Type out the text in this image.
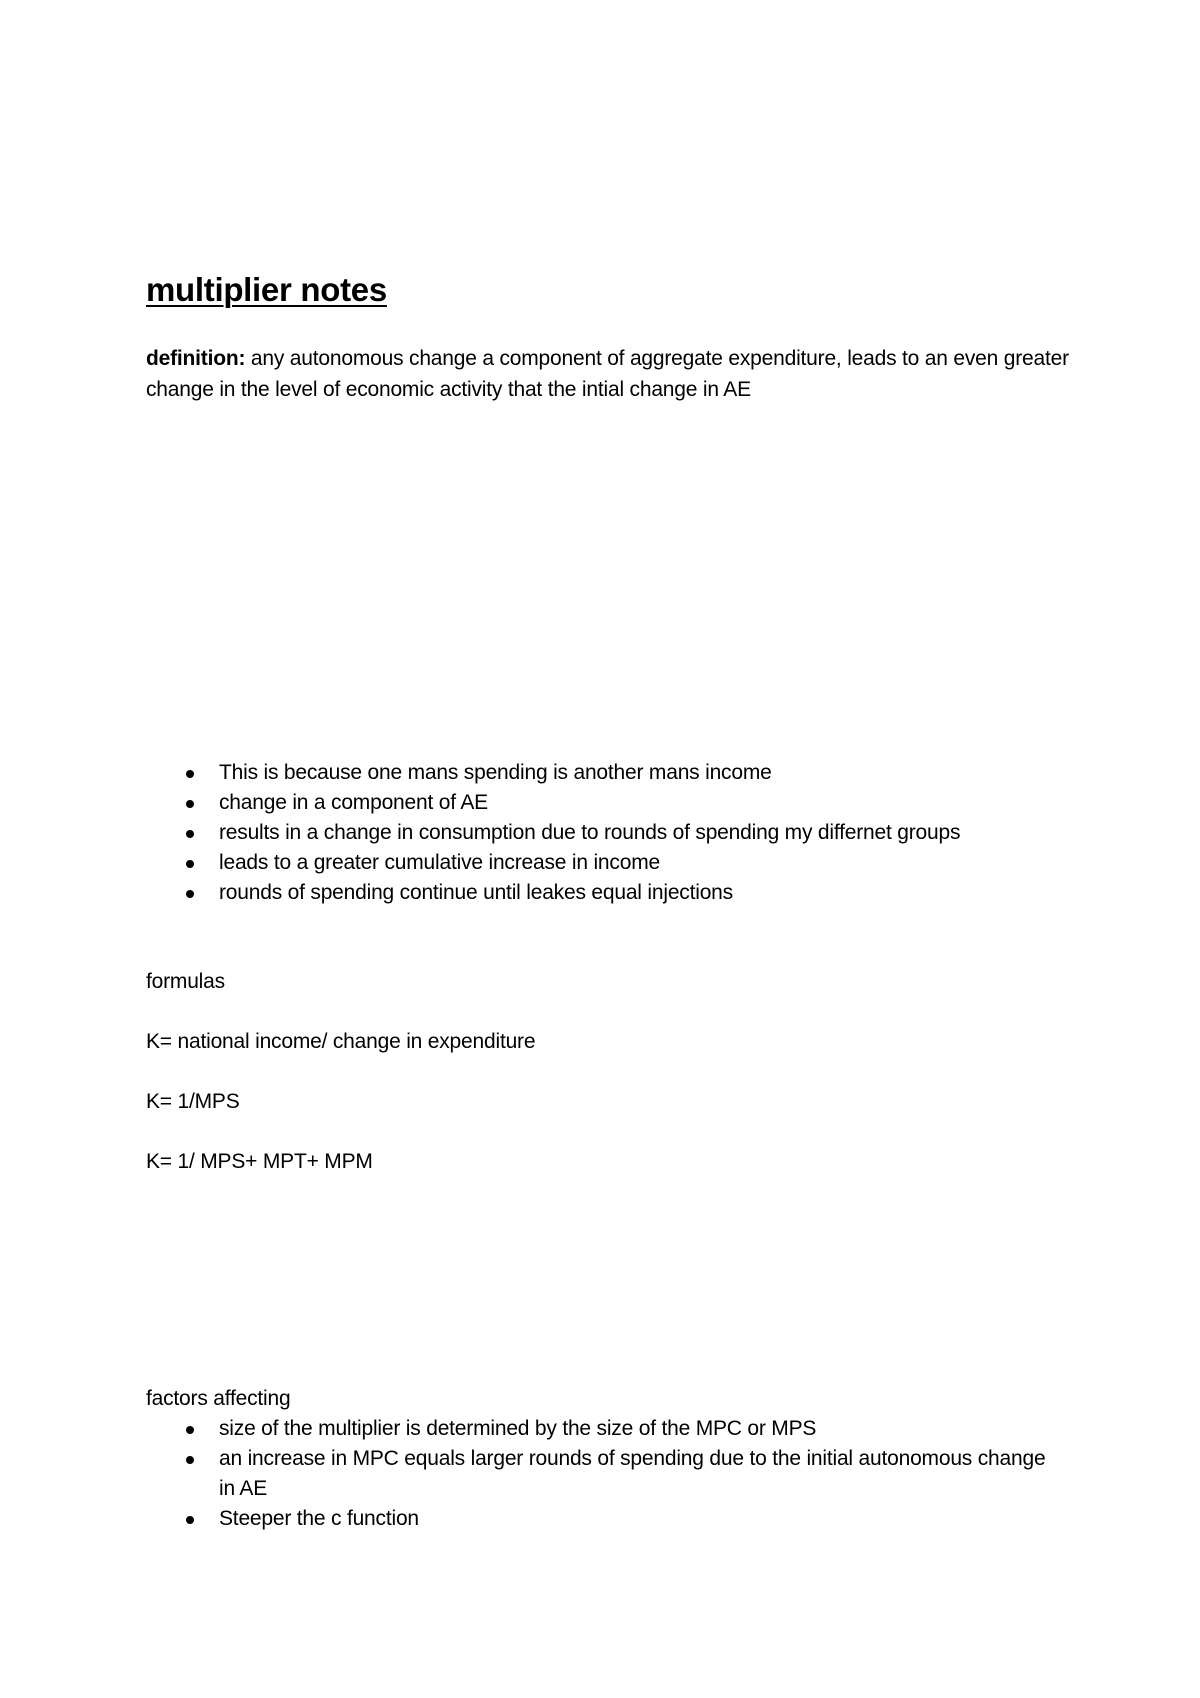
multiplier notes

definition: any autonomous change a component of aggregate expenditure, leads to an even greater change in the level of economic activity that the intial change in AE

This is because one mans spending is another mans income
change in a component of AE
results in a change in consumption due to rounds of spending my differnet groups
leads to a greater cumulative increase in income
rounds of spending continue until leakes equal injections

formulas

K= national income/ change in expenditure

K= 1/MPS

K= 1/ MPS+ MPT+ MPM

factors affecting

size of the multiplier is determined by the size of the MPC or MPS
an increase in MPC equals larger rounds of spending due to the initial autonomous change in AE
Steeper the c function
